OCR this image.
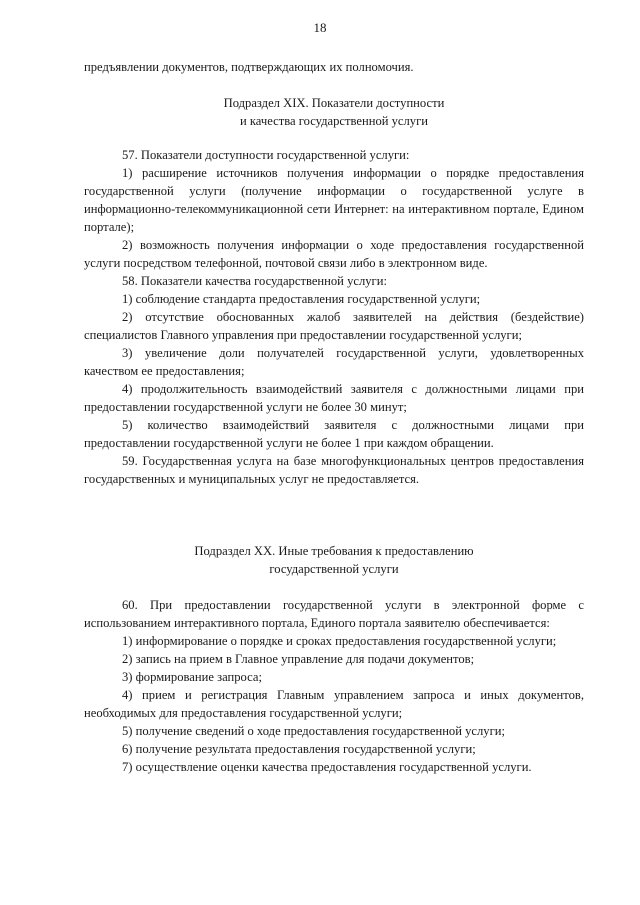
18

предъявлении документов, подтверждающих их полномочия.

Подраздел XIX. Показатели доступности
и качества государственной услуги

57. Показатели доступности государственной услуги:

1) расширение источников получения информации о порядке предоставления государственной услуги (получение информации о государственной услуге в информационно-телекоммуникационной сети Интернет: на интерактивном портале, Едином портале);

2) возможность получения информации о ходе предоставления государственной услуги посредством телефонной, почтовой связи либо в электронном виде.

58. Показатели качества государственной услуги:

1) соблюдение стандарта предоставления государственной услуги;

2) отсутствие обоснованных жалоб заявителей на действия (бездействие) специалистов Главного управления при предоставлении государственной услуги;

3) увеличение доли получателей государственной услуги, удовлетворенных качеством ее предоставления;

4) продолжительность взаимодействий заявителя с должностными лицами при предоставлении государственной услуги не более 30 минут;

5) количество взаимодействий заявителя с должностными лицами при предоставлении государственной услуги не более 1 при каждом обращении.

59. Государственная услуга на базе многофункциональных центров предоставления государственных и муниципальных услуг не предоставляется.

Подраздел XX. Иные требования к предоставлению
государственной услуги

60. При предоставлении государственной услуги в электронной форме с использованием интерактивного портала, Единого портала заявителю обеспечивается:

1) информирование о порядке и сроках предоставления государственной услуги;

2) запись на прием в Главное управление для подачи документов;

3) формирование запроса;

4) прием и регистрация Главным управлением запроса и иных документов, необходимых для предоставления государственной услуги;

5) получение сведений о ходе предоставления государственной услуги;

6) получение результата предоставления государственной услуги;

7) осуществление оценки качества предоставления государственной услуги.
